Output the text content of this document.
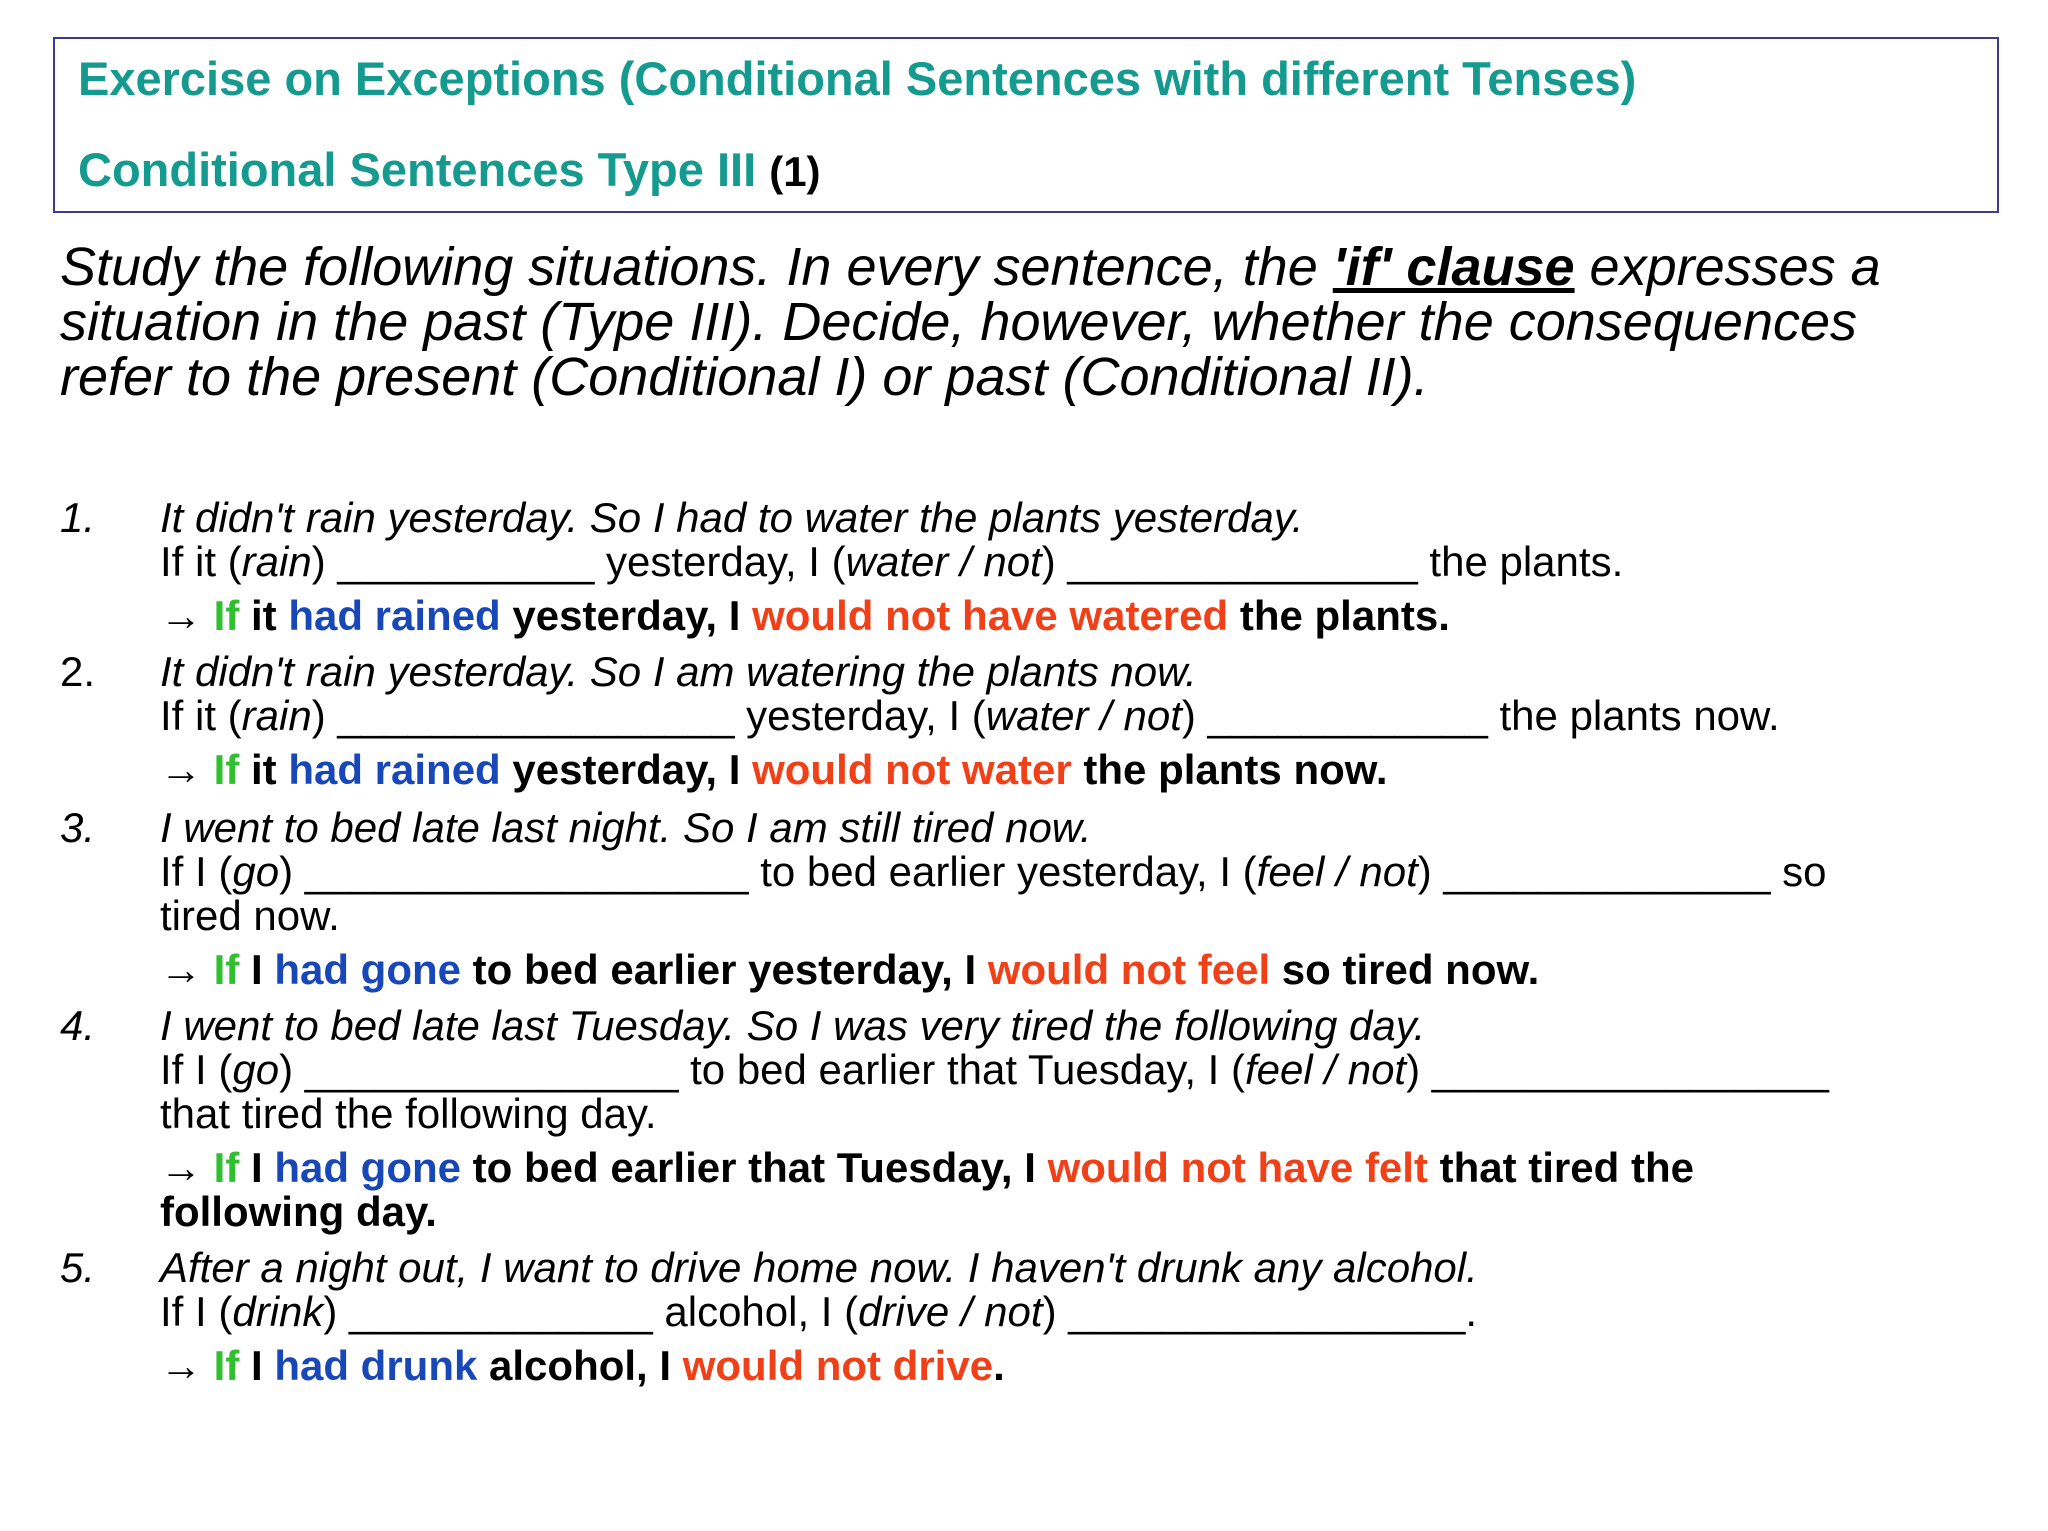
Exercise on Exceptions (Conditional Sentences with different Tenses)
Conditional Sentences Type III (1)
Study the following situations. In every sentence, the 'if' clause expresses a
situation in the past (Type III). Decide, however, whether the consequences
refer to the present (Conditional I) or past (Conditional II).
1. It didn't rain yesterday. So I had to water the plants yesterday.
If it (rain) ___________ yesterday, I (water / not) _______________ the plants.
→ If it had rained yesterday, I would not have watered the plants.
2. It didn't rain yesterday. So I am watering the plants now.
If it (rain) _________________ yesterday, I (water / not) ____________ the plants now.
→ If it had rained yesterday, I would not water the plants now.
3. I went to bed late last night. So I am still tired now.
If I (go) ___________________ to bed earlier yesterday, I (feel / not) ______________ so
tired now.
→ If I had gone to bed earlier yesterday, I would not feel so tired now.
4. I went to bed late last Tuesday. So I was very tired the following day.
If I (go) ________________ to bed earlier that Tuesday, I (feel / not) _________________
that tired the following day.
→ If I had gone to bed earlier that Tuesday, I would not have felt that tired the
following day.
5. After a night out, I want to drive home now. I haven't drunk any alcohol.
If I (drink) _____________ alcohol, I (drive / not) _________________.
→ If I had drunk alcohol, I would not drive.
